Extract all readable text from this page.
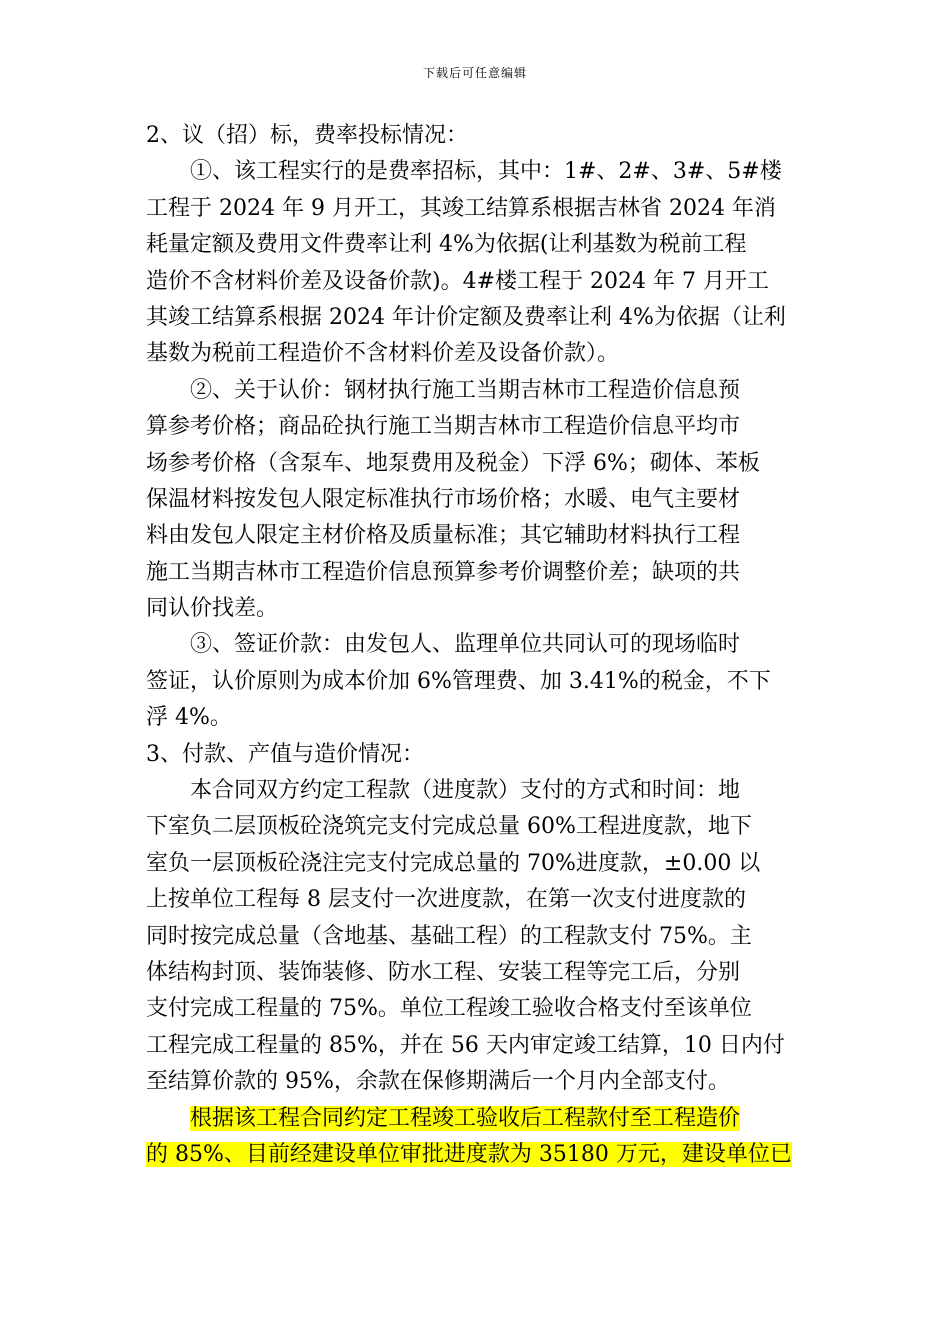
下载后可任意编辑
2、议（招）标，费率投标情况：
①、该工程实行的是费率招标，其中：1#、2#、3#、5#楼
工程于 2024 年 9 月开工，其竣工结算系根据吉林省 2024 年消
耗量定额及费用文件费率让利 4%为依据(让利基数为税前工程
造价不含材料价差及设备价款)。4#楼工程于 2024 年 7 月开工
其竣工结算系根据 2024 年计价定额及费率让利 4%为依据（让利
基数为税前工程造价不含材料价差及设备价款）。
②、关于认价：钢材执行施工当期吉林市工程造价信息预
算参考价格；商品砼执行施工当期吉林市工程造价信息平均市
场参考价格（含泵车、地泵费用及税金）下浮 6%；砌体、苯板
保温材料按发包人限定标准执行市场价格；水暖、电气主要材
料由发包人限定主材价格及质量标准；其它辅助材料执行工程
施工当期吉林市工程造价信息预算参考价调整价差；缺项的共
同认价找差。
③、签证价款：由发包人、监理单位共同认可的现场临时
签证，认价原则为成本价加 6%管理费、加 3.41%的税金，不下
浮 4%。
3、付款、产值与造价情况：
本合同双方约定工程款（进度款）支付的方式和时间：地
下室负二层顶板砼浇筑完支付完成总量 60%工程进度款，地下
室负一层顶板砼浇注完支付完成总量的 70%进度款，±0.00 以
上按单位工程每 8 层支付一次进度款，在第一次支付进度款的
同时按完成总量（含地基、基础工程）的工程款支付 75%。主
体结构封顶、装饰装修、防水工程、安装工程等完工后，分别
支付完成工程量的 75%。单位工程竣工验收合格支付至该单位
工程完成工程量的 85%，并在 56 天内审定竣工结算，10 日内付
至结算价款的 95%，余款在保修期满后一个月内全部支付。
根据该工程合同约定工程竣工验收后工程款付至工程造价
的 85%、目前经建设单位审批进度款为 35180 万元，建设单位已
